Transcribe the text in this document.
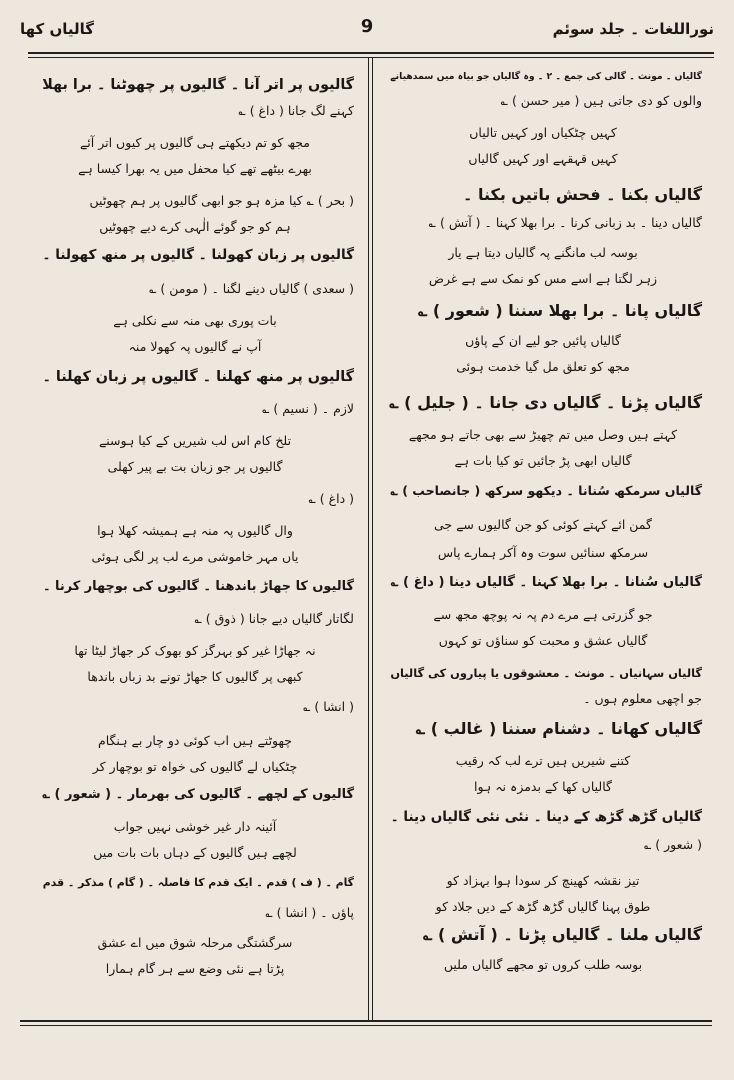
نوراللغات ۔ جلد سوئم
9
گالیاں کھا
گالیاں ۔ مونث ۔ گالی کی جمع ۔ ۲ ۔ وہ گالیاں جو بیاہ میں سمدھیانے
والوں کو دی جاتی ہیں ( میر حسن ) ؎
کہیں چٹکیاں اور کہیں تالیاں
کہیں قہقہے اور کہیں گالیاں
گالیاں بکنا ۔ فحش باتیں بکنا ۔
گالیاں دینا ۔ بد زبانی کرنا ۔ برا بھلا کہنا ۔ ( آتش ) ؎
بوسہ لب مانگنے پہ گالیاں دیتا ہے یار
زہر لگتا ہے اسے مس کو نمک سے ہے غرض
گالیاں پانا ۔ برا بھلا سننا ( شعور ) ؎
گالیاں پائیں جو لیے ان کے پاؤں
مجھ کو تعلق مل گیا خدمت ہوئی
گالیاں پڑنا ۔ گالیاں دی جانا ۔ ( جلیل ) ؎
کہتے ہیں وصل میں تم چھیڑ سے بھی جاتے ہو مجھے
گالیاں ابھی پڑ جائیں تو کیا بات ہے
گالیاں سرمکھ سُنانا ۔ دیکھو سرکھ ( جانصاحب ) ؎
گمن ائے کہتے کوئی کو جن گالیوں سے جی
سرمکھ سنائیں سوت وہ آکر ہمارے پاس
گالیاں سُنانا ۔ برا بھلا کہنا ۔ گالیاں دینا ( داغ ) ؎
جو گزرتی ہے مرے دم پہ نہ پوچھ مجھ سے
گالیاں عشق و محبت کو سناؤں تو کہوں
گالیاں سہانیاں ۔ مونث ۔ معشوقوں یا پیاروں کی گالیاں
جو اچھی معلوم ہوں ۔
گالیاں کھانا ۔ دشنام سننا ( غالب ) ؎
کتنے شیریں ہیں ترے لب کہ رقیب
گالیاں کھا کے بدمزہ نہ ہوا
گالیاں گڑھ گڑھ کے دینا ۔ نئی نئی گالیاں دینا ۔
( شعور ) ؎
تیز نقشہ کھینچ کر سودا ہوا بہزاد کو
طوق پہنا گالیاں گڑھ گڑھ کے دیں جلاد کو
گالیاں ملنا ۔ گالیاں پڑنا ۔ ( آتش ) ؎
بوسہ طلب کروں تو مجھے گالیاں ملیں
گالیوں پر اتر آنا ۔ گالیوں پر چھوٹنا ۔ برا بھلا
کہنے لگ جانا ( داغ ) ؎
مجھ کو تم دیکھتے ہی گالیوں پر کیوں اتر آئے
بھرے بیٹھے تھے کیا محفل میں یہ بھرا کیسا ہے
( بحر ) ؎ کیا مزہ ہو جو ابھی گالیوں پر ہم چھوٹیں
ہم کو جو گوئے الٰہی کرے دیے چھوٹیں
گالیوں پر زبان کھولنا ۔ گالیوں پر منھ کھولنا ۔
( سعدی ) گالیاں دینے لگنا ۔ ( مومن ) ؎
بات پوری بھی منہ سے نکلی ہے
آپ نے گالیوں پہ کھولا منہ
گالیوں پر منھ کھلنا ۔ گالیوں پر زبان کھلنا ۔
لازم ۔ ( نسیم ) ؎
تلخ کام اس لب شیریں کے کیا ہوسنے
گالیوں پر جو زبان بت بے پیر کھلی
( داغ ) ؎
وال گالیوں پہ منہ ہے ہمیشہ کھلا ہوا
یاں مہر خاموشی مرے لب پر لگی ہوئی
گالیوں کا جھاڑ باندھنا ۔ گالیوں کی بوچھار کرنا ۔
لگاتار گالیاں دیے جانا ( ذوق ) ؎
نہ جھاڑا غیر کو بہرگز کو بھوک کر جھاڑ لیٹا تھا
کبھی پر گالیوں کا جھاڑ تونے بد زباں باندھا
( انشا ) ؎
چھوٹتے ہیں اب کوئی دو چار بے ہنگام
چٹکیاں لے گالیوں کی خواہ تو بوچھار کر
گالیوں کے لچھے ۔ گالیوں کی بھرمار ۔ ( شعور ) ؎
آئینہ دار غیر خوشی نہیں جواب
لچھے ہیں گالیوں کے دہاں بات بات میں
گام ۔ ( ف ) قدم ۔ ایک قدم کا فاصلہ ۔ ( گام ) مذکر ۔ قدم
پاؤں ۔ ( انشا ) ؎
سرگشتگی مرحلہ شوق میں اے عشق
پڑتا ہے نئی وضع سے ہر گام ہمارا
